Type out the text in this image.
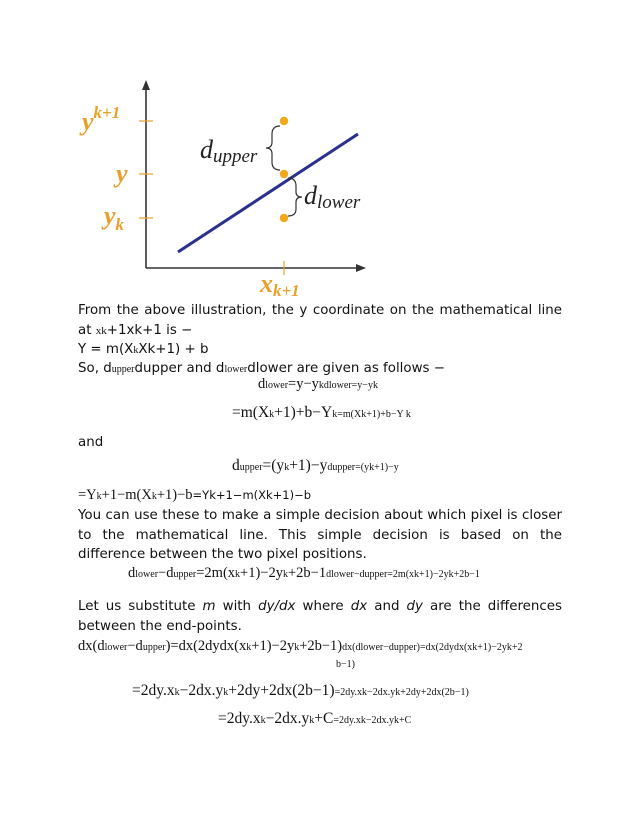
$y^{k+1}$
y
$y_k$
xk+1
dupper
dlower
From the above illustration, the y coordinate on the mathematical line at xk+1xk+1 is −
Y = m(XkXk+1) + b
So, dupperdupper and dlowerdlower are given as follows −
dlower=y−ykdlower=y−yk
=m(Xk+1)+b−Yk=m(Xk+1)+b−Y k
and
dupper=(yk+1)−ydupper=(yk+1)−y
=Yk+1−m(Xk+1)−b=Yk+1−m(Xk+1)−b
You can use these to make a simple decision about which pixel is closer to the mathematical line. This simple decision is based on the difference between the two pixel positions.
dlower−dupper=2m(xk+1)−2yk+2b−1dlower−dupper=2m(xk+1)−2yk+2b−1
Let us substitute m with dy/dx where dx and dy are the differences between the end-points.
dx(dlower−dupper)=dx(2dydx(xk+1)−2yk+2b−1)dx(dlower−dupper)=dx(2dydx(xk+1)−2yk+2
b−1)
=2dy.xk−2dx.yk+2dy+2dx(2b−1)=2dy.xk−2dx.yk+2dy+2dx(2b−1)
=2dy.xk−2dx.yk+C=2dy.xk−2dx.yk+C
